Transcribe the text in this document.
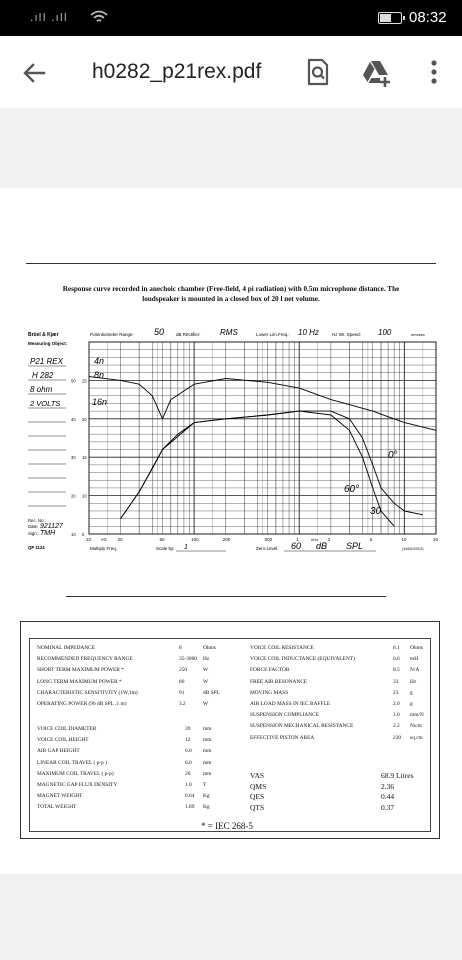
.ıll .ıll	08:32
h0282_p21rex.pdf
Response curve recorded in anechoic chamber (Free-field, 4 pi radiation) with 0.5m microphone distance. The
loudspeaker is mounted in a closed box of 20 l net volume.
Brüel & Kjær
Measuring Object:
Potentiometer Range: 50	dB Rectifier: RMS	Lower Lim.Freq.: 10 Hz	Hz Wr. Speed: 100	mm/sec
P21 REX
H 282
8 ohm
2 VOLTS
Rec. No.:
Date: 921127
Sign.: TMH
QP 1124
50 25
40 20
30 15
20 10
10 5
10 Hz 20	50	100	200	500	1	2	5	10	20
kHz
4n
8n
16n
0°
60°
30
Multiply Freq.	Scale by: 1	Zero Level: 60 dB SPL	(1602/2012)
NOMINAL IMPEDANCE	8	Ohms
RECOMMENDED FREQUENCY RANGE	35-3000 Hz
SHORT TERM MAXIMUM POWER *	250	W
LONG TERM MAXIMUM POWER *	80	W
CHARACTERISTIC SENSITIVITY (1W,1m)	91	dB SPL
OPERATING POWER (96 dB SPL ,1 m)	3.2	W
VOICE COIL DIAMETER	39 mm
VOICE COIL HEIGHT	12 mm
AIR GAP HEIGHT	6.0 mm
LINEAR COIL TRAVEL ( p-p )	6.0 mm
MAXIMUM COIL TRAVEL ( p-p)	20 mm
MAGNETIC GAP FLUX DENSITY	1.0 T
MAGNET WEIGHT	0.64 Kg
TOTAL WEIGHT	1.89 Kg
VOICE COIL RESISTANCE	6.1 Ohms
VOICE COIL INDUCTANCE (EQUIVALENT)	0.6 mH
FORCE FACTOR	8.5 N/A
FREE AIR RESONANCE	33 Hz
MOVING MASS	23 g
AIR LOAD MASS IN IEC BAFFLE	2.0 g
SUSPENSION COMPLIANCE	1.0 mm/N
SUSPENSION MECHANICAL RESISTANCE	2.2 Ns/m
EFFECTIVE PISTON AREA	230 sq.cm
VAS	68.9 Litres
QMS	2.36
QES	0.44
QTS	0.37
* = IEC 268-5
